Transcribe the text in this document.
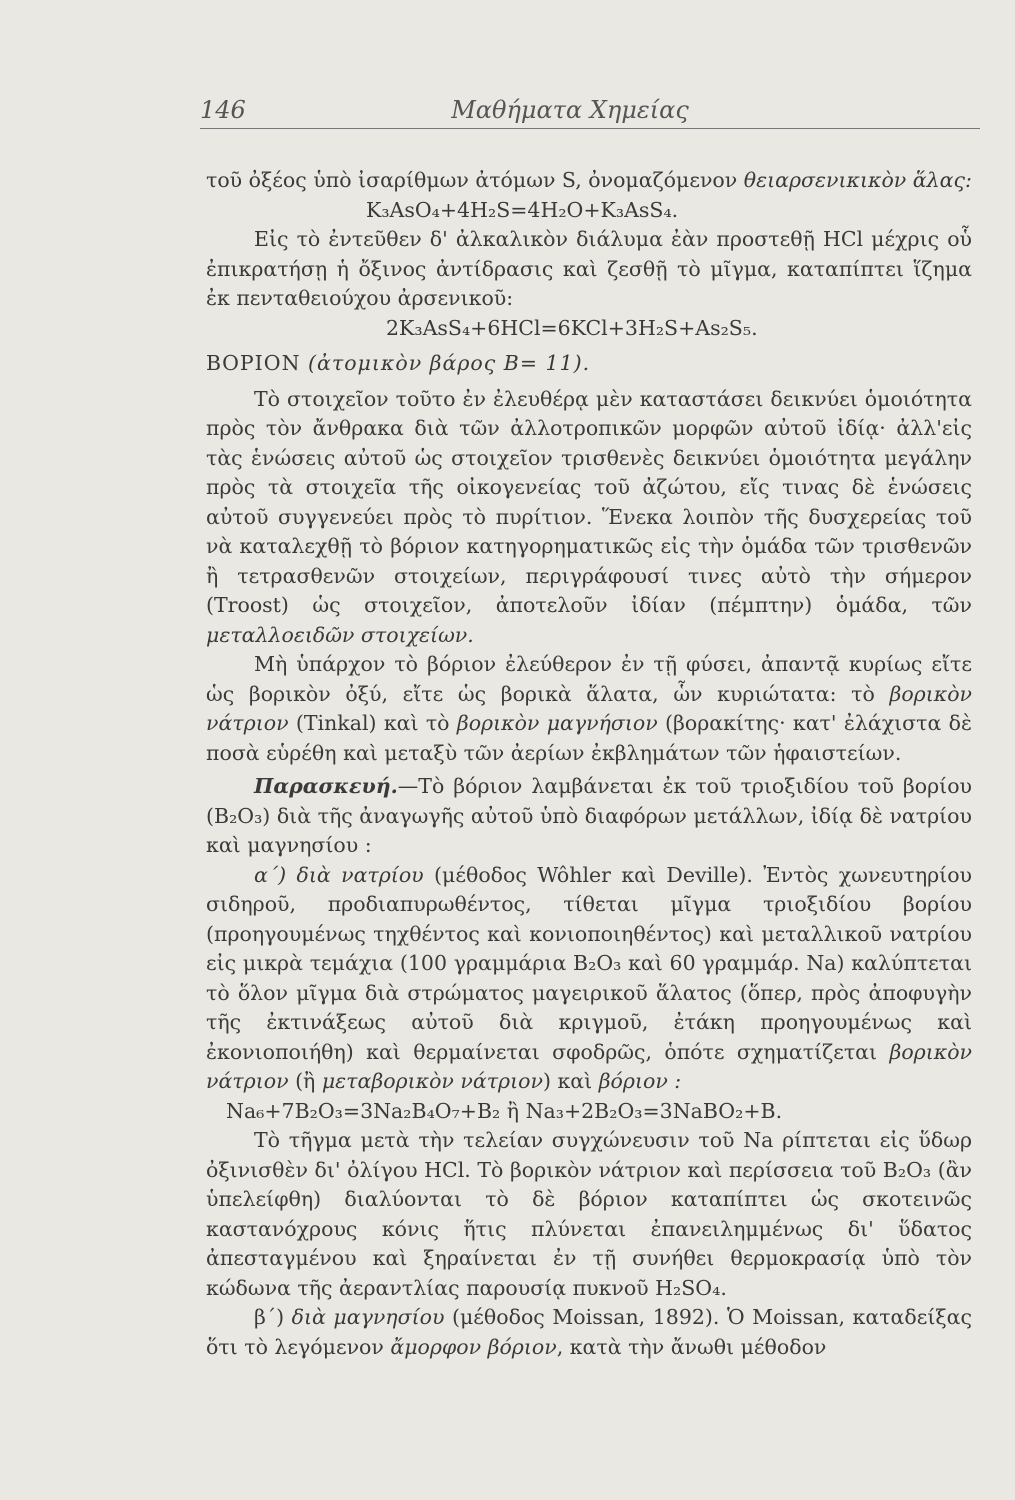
146	Μαθήματα Χημείας

τοῦ ὀξέος ὑπὸ ἰσαρίθμων ἀτόμων S, ὀνομαζόμενον θειαρσενικικὸν ἅλας:

K₃AsO₄+4H₂S=4H₂O+K₃AsS₄.

Εἰς τὸ ἐντεῦθεν δ' ἀλκαλικὸν διάλυμα ἐὰν προστεθῇ HCl μέχρις οὗ ἐπικρατήσῃ ἡ ὄξινος ἀντίδρασις καὶ ζεσθῇ τὸ μῖγμα, καταπίπτει ἵζημα ἐκ πενταθειούχου ἀρσενικοῦ:

2K₃AsS₄+6HCl=6KCl+3H₂S+As₂S₅.

ΒΟΡΙΟΝ (ἀτομικὸν βάρος B= 11).

Τὸ στοιχεῖον τοῦτο ἐν ἐλευθέρᾳ μὲν καταστάσει δεικνύει ὁμοιότητα πρὸς τὸν ἄνθρακα διὰ τῶν ἀλλοτροπικῶν μορφῶν αὐτοῦ ἰδίᾳ· ἀλλ'εἰς τὰς ἑνώσεις αὐτοῦ ὡς στοιχεῖον τρισθενὲς δεικνύει ὁμοιότητα μεγάλην πρὸς τὰ στοιχεῖα τῆς οἰκογενείας τοῦ ἀζώτου, εἴς τινας δὲ ἑνώσεις αὐτοῦ συγγενεύει πρὸς τὸ πυρίτιον. Ἕνεκα λοιπὸν τῆς δυσχερείας τοῦ νὰ καταλεχθῇ τὸ βόριον κατηγορηματικῶς εἰς τὴν ὁμάδα τῶν τρισθενῶν ἢ τετρασθενῶν στοιχείων, περιγράφουσί τινες αὐτὸ τὴν σήμερον (Troost) ὡς στοιχεῖον, ἀποτελοῦν ἰδίαν (πέμπτην) ὁμάδα, τῶν μεταλλοειδῶν στοιχείων.

Μὴ ὑπάρχον τὸ βόριον ἐλεύθερον ἐν τῇ φύσει, ἀπαντᾷ κυρίως εἴτε ὡς βορικὸν ὀξύ, εἴτε ὡς βορικὰ ἅλατα, ὧν κυριώτατα: τὸ βορικὸν νάτριον (Tinkal) καὶ τὸ βορικὸν μαγνήσιον (βορακίτης· κατ' ἐλάχιστα δὲ ποσὰ εὑρέθη καὶ μεταξὺ τῶν ἀερίων ἐκβλημάτων τῶν ἡφαιστείων.

Παρασκευή.—Τὸ βόριον λαμβάνεται ἐκ τοῦ τριοξιδίου τοῦ βορίου (B₂O₃) διὰ τῆς ἀναγωγῆς αὐτοῦ ὑπὸ διαφόρων μετάλλων, ἰδίᾳ δὲ νατρίου καὶ μαγνησίου :

α΄) διὰ νατρίου (μέθοδος Wôhler καὶ Deville). Ἐντὸς χωνευτηρίου σιδηροῦ, προδιαπυρωθέντος, τίθεται μῖγμα τριοξιδίου βορίου (προηγουμένως τηχθέντος καὶ κονιοποιηθέντος) καὶ μεταλλικοῦ νατρίου εἰς μικρὰ τεμάχια (100 γραμμάρια B₂O₃ καὶ 60 γραμμάρ. Na) καλύπτεται τὸ ὅλον μῖγμα διὰ στρώματος μαγειρικοῦ ἅλατος (ὅπερ, πρὸς ἀποφυγὴν τῆς ἐκτινάξεως αὐτοῦ διὰ κριγμοῦ, ἐτάκη προηγουμένως καὶ ἐκονιοποιήθη) καὶ θερμαίνεται σφοδρῶς, ὁπότε σχηματίζεται βορικὸν νάτριον (ἢ μεταβορικὸν νάτριον) καὶ βόριον :

Na₆+7B₂O₃=3Na₂B₄O₇+B₂ ἢ Na₃+2B₂O₃=3NaBO₂+B.

Τὸ τῆγμα μετὰ τὴν τελείαν συγχώνευσιν τοῦ Na ρίπτεται εἰς ὕδωρ ὀξινισθὲν δι' ὀλίγου HCl. Τὸ βορικὸν νάτριον καὶ περίσσεια τοῦ B₂O₃ (ἂν ὑπελείφθη) διαλύονται τὸ δὲ βόριον καταπίπτει ὡς σκοτεινῶς καστανόχρους κόνις ἥτις πλύνεται ἐπανειλημμένως δι' ὕδατος ἀπεσταγμένου καὶ ξηραίνεται ἐν τῇ συνήθει θερμοκρασίᾳ ὑπὸ τὸν κώδωνα τῆς ἀεραντλίας παρουσίᾳ πυκνοῦ H₂SO₄.

β΄) διὰ μαγνησίου (μέθοδος Moissan, 1892). Ὁ Moissan, καταδείξας ὅτι τὸ λεγόμενον ἄμορφον βόριον, κατὰ τὴν ἄνωθι μέθοδον
